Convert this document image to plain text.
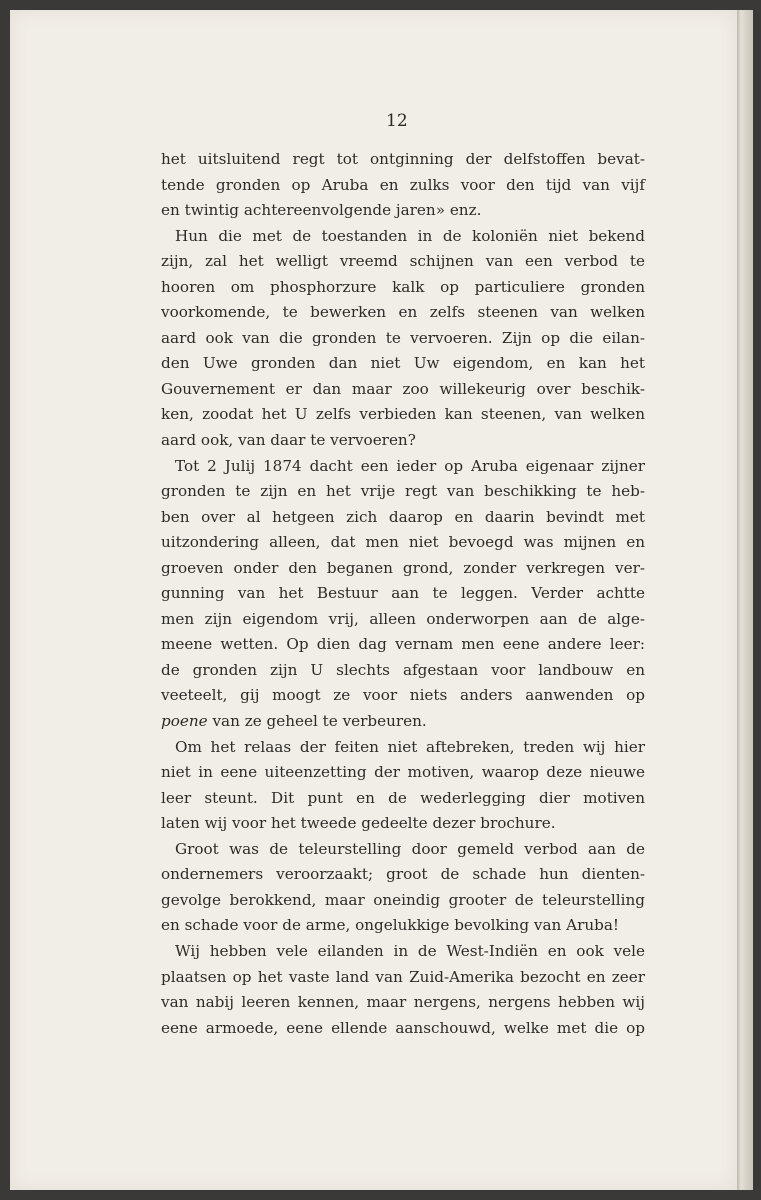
12
het uitsluitend regt tot ontginning der delfstoffen bevat-
tende gronden op Aruba en zulks voor den tijd van vijf
en twintig achtereenvolgende jaren» enz.
Hun die met de toestanden in de koloniën niet bekend
zijn, zal het welligt vreemd schijnen van een verbod te
hooren om phosphorzure kalk op particuliere gronden
voorkomende, te bewerken en zelfs steenen van welken
aard ook van die gronden te vervoeren. Zijn op die eilan-
den Uwe gronden dan niet Uw eigendom, en kan het
Gouvernement er dan maar zoo willekeurig over beschik-
ken, zoodat het U zelfs verbieden kan steenen, van welken
aard ook, van daar te vervoeren?
Tot 2 Julij 1874 dacht een ieder op Aruba eigenaar zijner
gronden te zijn en het vrije regt van beschikking te heb-
ben over al hetgeen zich daarop en daarin bevindt met
uitzondering alleen, dat men niet bevoegd was mijnen en
groeven onder den beganen grond, zonder verkregen ver-
gunning van het Bestuur aan te leggen. Verder achtte
men zijn eigendom vrij, alleen onderworpen aan de alge-
meene wetten. Op dien dag vernam men eene andere leer:
de gronden zijn U slechts afgestaan voor landbouw en
veeteelt, gij moogt ze voor niets anders aanwenden op
poene van ze geheel te verbeuren.
Om het relaas der feiten niet aftebreken, treden wij hier
niet in eene uiteenzetting der motiven, waarop deze nieuwe
leer steunt. Dit punt en de wederlegging dier motiven
laten wij voor het tweede gedeelte dezer brochure.
Groot was de teleurstelling door gemeld verbod aan de
ondernemers veroorzaakt; groot de schade hun dienten-
gevolge berokkend, maar oneindig grooter de teleurstelling
en schade voor de arme, ongelukkige bevolking van Aruba!
Wij hebben vele eilanden in de West-Indiën en ook vele
plaatsen op het vaste land van Zuid-Amerika bezocht en zeer
van nabij leeren kennen, maar nergens, nergens hebben wij
eene armoede, eene ellende aanschouwd, welke met die op
